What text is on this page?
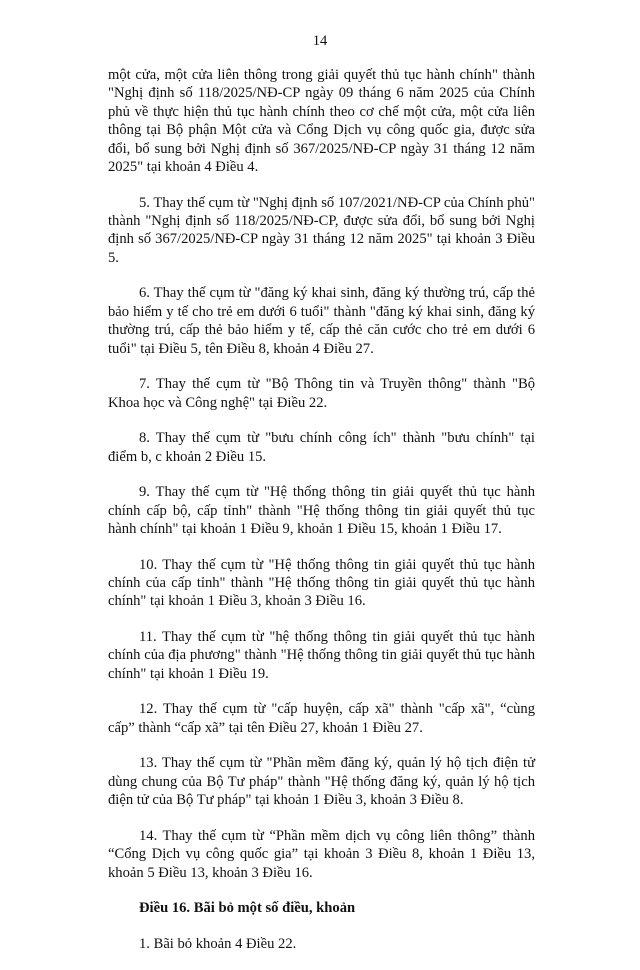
14

một cửa, một cửa liên thông trong giải quyết thủ tục hành chính" thành "Nghị định số 118/2025/NĐ-CP ngày 09 tháng 6 năm 2025 của Chính phủ về thực hiện thủ tục hành chính theo cơ chế một cửa, một cửa liên thông tại Bộ phận Một cửa và Cổng Dịch vụ công quốc gia, được sửa đổi, bổ sung bởi Nghị định số 367/2025/NĐ-CP ngày 31 tháng 12 năm 2025" tại khoản 4 Điều 4.

5. Thay thế cụm từ "Nghị định số 107/2021/NĐ-CP của Chính phủ" thành "Nghị định số 118/2025/NĐ-CP, được sửa đổi, bổ sung bởi Nghị định số 367/2025/NĐ-CP ngày 31 tháng 12 năm 2025" tại khoản 3 Điều 5.

6. Thay thế cụm từ "đăng ký khai sinh, đăng ký thường trú, cấp thẻ bảo hiểm y tế cho trẻ em dưới 6 tuổi" thành "đăng ký khai sinh, đăng ký thường trú, cấp thẻ bảo hiểm y tế, cấp thẻ căn cước cho trẻ em dưới 6 tuổi" tại Điều 5, tên Điều 8, khoản 4 Điều 27.

7. Thay thế cụm từ "Bộ Thông tin và Truyền thông" thành "Bộ Khoa học và Công nghệ" tại Điều 22.

8. Thay thế cụm từ "bưu chính công ích" thành "bưu chính" tại điểm b, c khoản 2 Điều 15.

9. Thay thế cụm từ "Hệ thống thông tin giải quyết thủ tục hành chính cấp bộ, cấp tỉnh" thành "Hệ thống thông tin giải quyết thủ tục hành chính" tại khoản 1 Điều 9, khoản 1 Điều 15, khoản 1 Điều 17.

10. Thay thế cụm từ "Hệ thống thông tin giải quyết thủ tục hành chính của cấp tỉnh" thành "Hệ thống thông tin giải quyết thủ tục hành chính" tại khoản 1 Điều 3, khoản 3 Điều 16.

11. Thay thế cụm từ "hệ thống thông tin giải quyết thủ tục hành chính của địa phương" thành "Hệ thống thông tin giải quyết thủ tục hành chính" tại khoản 1 Điều 19.

12. Thay thế cụm từ "cấp huyện, cấp xã" thành "cấp xã", “cùng cấp” thành “cấp xã” tại tên Điều 27, khoản 1 Điều 27.

13. Thay thế cụm từ "Phần mềm đăng ký, quản lý hộ tịch điện tử dùng chung của Bộ Tư pháp" thành "Hệ thống đăng ký, quản lý hộ tịch điện tử của Bộ Tư pháp" tại khoản 1 Điều 3, khoản 3 Điều 8.

14. Thay thế cụm từ “Phần mềm dịch vụ công liên thông” thành “Cổng Dịch vụ công quốc gia” tại khoản 3 Điều 8, khoản 1 Điều 13, khoản 5 Điều 13, khoản 3 Điều 16.

Điều 16. Bãi bỏ một số điều, khoản

1. Bãi bỏ khoản 4 Điều 22.
